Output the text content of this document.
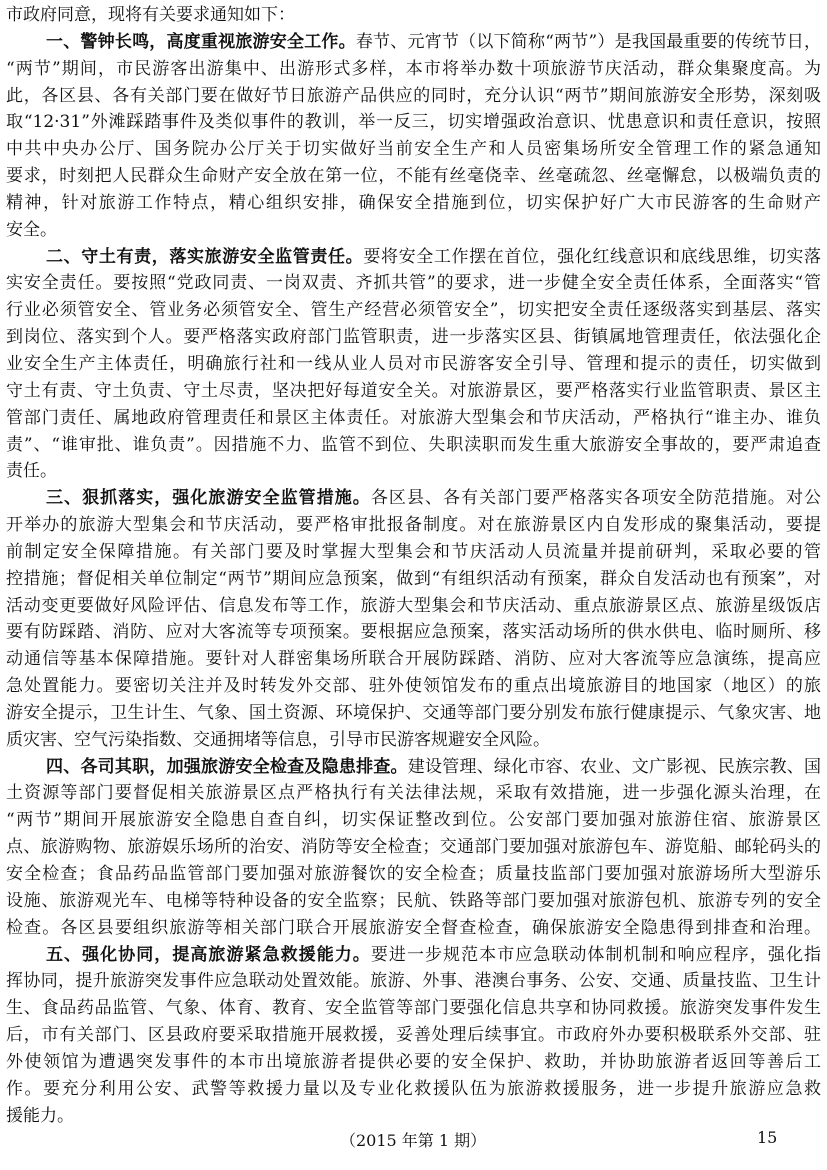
市政府同意，现将有关要求通知如下：
一、警钟长鸣，高度重视旅游安全工作。春节、元宵节（以下简称“两节”）是我国最重要的传统节日，
“两节”期间，市民游客出游集中、出游形式多样，本市将举办数十项旅游节庆活动，群众集聚度高。为
此，各区县、各有关部门要在做好节日旅游产品供应的同时，充分认识“两节”期间旅游安全形势，深刻吸
取“12·31”外滩踩踏事件及类似事件的教训，举一反三，切实增强政治意识、忧患意识和责任意识，按照
中共中央办公厅、国务院办公厅关于切实做好当前安全生产和人员密集场所安全管理工作的紧急通知
要求，时刻把人民群众生命财产安全放在第一位，不能有丝毫侥幸、丝毫疏忽、丝毫懈怠，以极端负责的
精神，针对旅游工作特点，精心组织安排，确保安全措施到位，切实保护好广大市民游客的生命财产
安全。
二、守土有责，落实旅游安全监管责任。要将安全工作摆在首位，强化红线意识和底线思维，切实落
实安全责任。要按照“党政同责、一岗双责、齐抓共管”的要求，进一步健全安全责任体系，全面落实“管
行业必须管安全、管业务必须管安全、管生产经营必须管安全”，切实把安全责任逐级落实到基层、落实
到岗位、落实到个人。要严格落实政府部门监管职责，进一步落实区县、街镇属地管理责任，依法强化企
业安全生产主体责任，明确旅行社和一线从业人员对市民游客安全引导、管理和提示的责任，切实做到
守土有责、守土负责、守土尽责，坚决把好每道安全关。对旅游景区，要严格落实行业监管职责、景区主
管部门责任、属地政府管理责任和景区主体责任。对旅游大型集会和节庆活动，严格执行“谁主办、谁负
责”、“谁审批、谁负责”。因措施不力、监管不到位、失职渎职而发生重大旅游安全事故的，要严肃追查
责任。
三、狠抓落实，强化旅游安全监管措施。各区县、各有关部门要严格落实各项安全防范措施。对公
开举办的旅游大型集会和节庆活动，要严格审批报备制度。对在旅游景区内自发形成的聚集活动，要提
前制定安全保障措施。有关部门要及时掌握大型集会和节庆活动人员流量并提前研判，采取必要的管
控措施；督促相关单位制定“两节”期间应急预案，做到“有组织活动有预案，群众自发活动也有预案”，对
活动变更要做好风险评估、信息发布等工作，旅游大型集会和节庆活动、重点旅游景区点、旅游星级饭店
要有防踩踏、消防、应对大客流等专项预案。要根据应急预案，落实活动场所的供水供电、临时厕所、移
动通信等基本保障措施。要针对人群密集场所联合开展防踩踏、消防、应对大客流等应急演练，提高应
急处置能力。要密切关注并及时转发外交部、驻外使领馆发布的重点出境旅游目的地国家（地区）的旅
游安全提示，卫生计生、气象、国土资源、环境保护、交通等部门要分别发布旅行健康提示、气象灾害、地
质灾害、空气污染指数、交通拥堵等信息，引导市民游客规避安全风险。
四、各司其职，加强旅游安全检查及隐患排查。建设管理、绿化市容、农业、文广影视、民族宗教、国
土资源等部门要督促相关旅游景区点严格执行有关法律法规，采取有效措施，进一步强化源头治理，在
“两节”期间开展旅游安全隐患自查自纠，切实保证整改到位。公安部门要加强对旅游住宿、旅游景区
点、旅游购物、旅游娱乐场所的治安、消防等安全检查；交通部门要加强对旅游包车、游览船、邮轮码头的
安全检查；食品药品监管部门要加强对旅游餐饮的安全检查；质量技监部门要加强对旅游场所大型游乐
设施、旅游观光车、电梯等特种设备的安全监察；民航、铁路等部门要加强对旅游包机、旅游专列的安全
检查。各区县要组织旅游等相关部门联合开展旅游安全督查检查，确保旅游安全隐患得到排查和治理。
五、强化协同，提高旅游紧急救援能力。要进一步规范本市应急联动体制机制和响应程序，强化指
挥协同，提升旅游突发事件应急联动处置效能。旅游、外事、港澳台事务、公安、交通、质量技监、卫生计
生、食品药品监管、气象、体育、教育、安全监管等部门要强化信息共享和协同救援。旅游突发事件发生
后，市有关部门、区县政府要采取措施开展救援，妥善处理后续事宜。市政府外办要积极联系外交部、驻
外使领馆为遭遇突发事件的本市出境旅游者提供必要的安全保护、救助，并协助旅游者返回等善后工
作。要充分利用公安、武警等救援力量以及专业化救援队伍为旅游救援服务，进一步提升旅游应急救
援能力。
（2015 年第 1 期）	15
